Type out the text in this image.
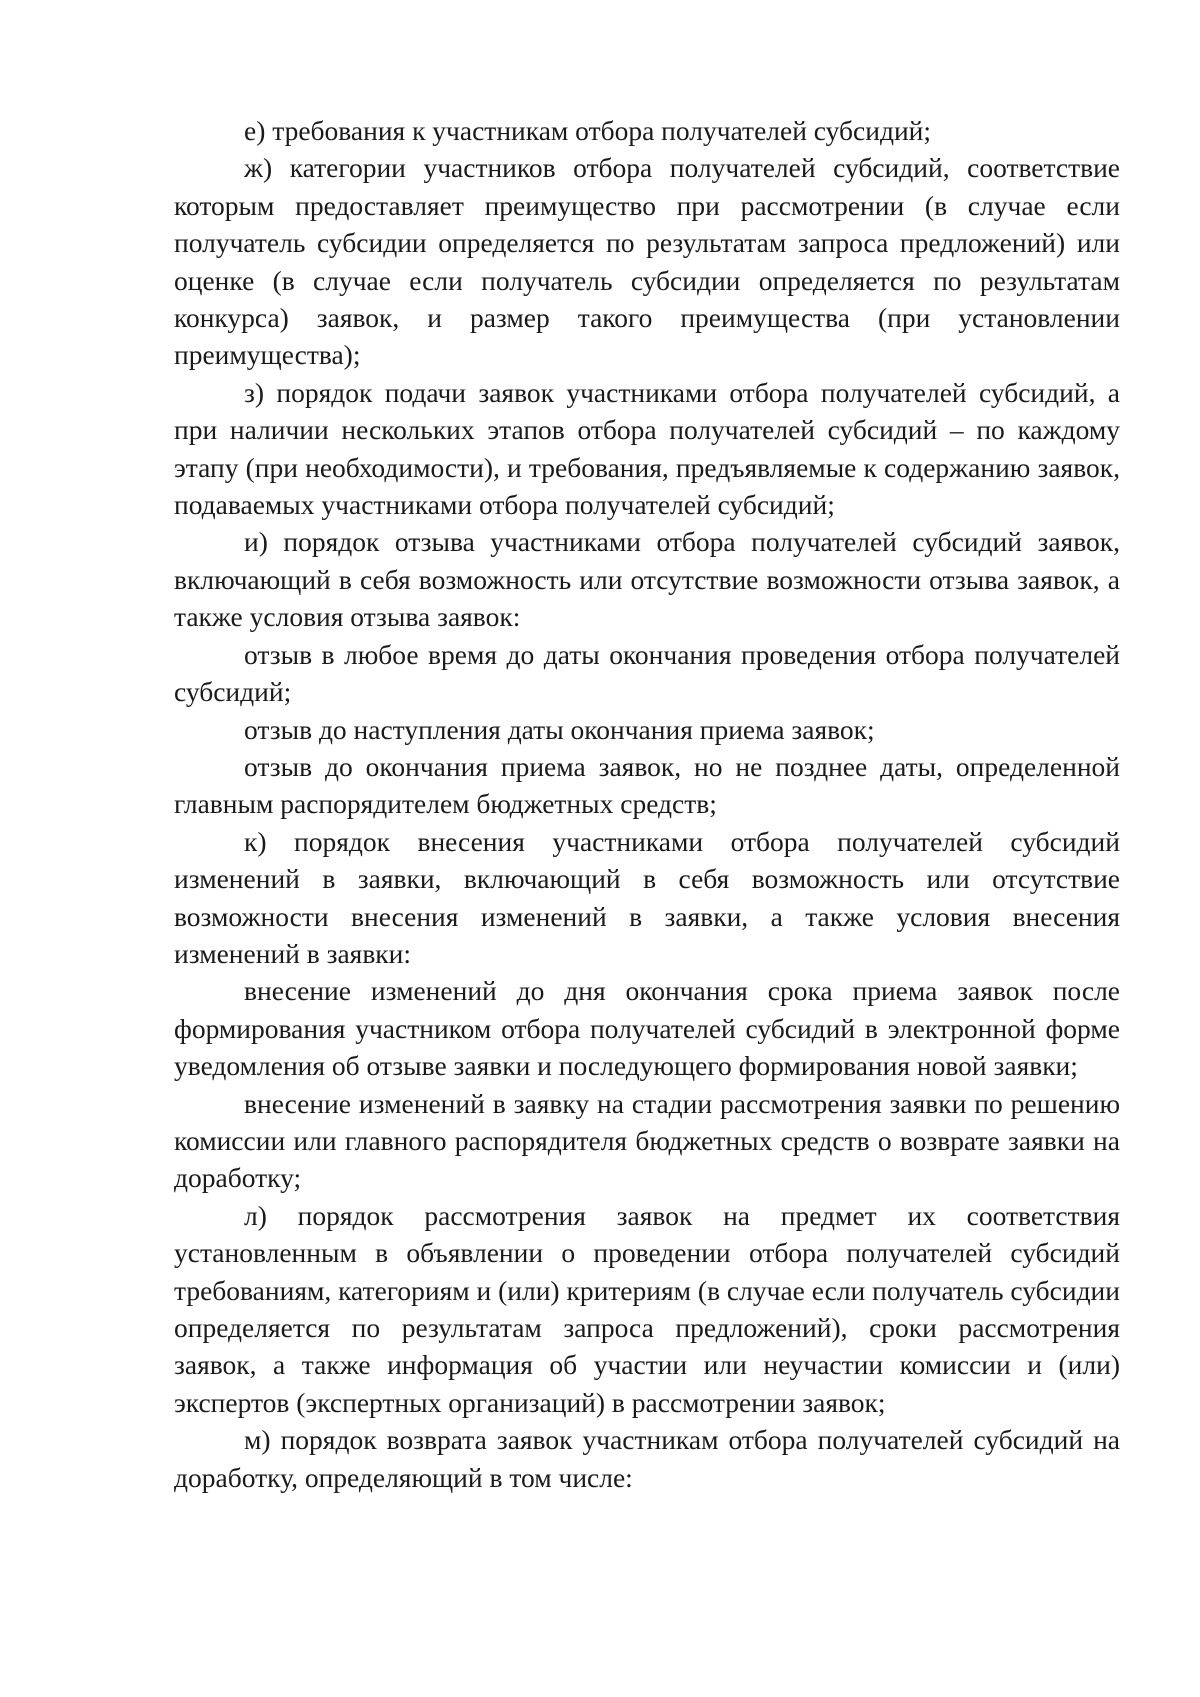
е) требования к участникам отбора получателей субсидий;

ж) категории участников отбора получателей субсидий, соответствие которым предоставляет преимущество при рассмотрении (в случае если получатель субсидии определяется по результатам запроса предложений) или оценке (в случае если получатель субсидии определяется по результатам конкурса) заявок, и размер такого преимущества (при установлении преимущества);

з) порядок подачи заявок участниками отбора получателей субсидий, а при наличии нескольких этапов отбора получателей субсидий – по каждому этапу (при необходимости), и требования, предъявляемые к содержанию заявок, подаваемых участниками отбора получателей субсидий;

и) порядок отзыва участниками отбора получателей субсидий заявок, включающий в себя возможность или отсутствие возможности отзыва заявок, а также условия отзыва заявок:

отзыв в любое время до даты окончания проведения отбора получателей субсидий;

отзыв до наступления даты окончания приема заявок;

отзыв до окончания приема заявок, но не позднее даты, определенной главным распорядителем бюджетных средств;

к) порядок внесения участниками отбора получателей субсидий изменений в заявки, включающий в себя возможность или отсутствие возможности внесения изменений в заявки, а также условия внесения изменений в заявки:

внесение изменений до дня окончания срока приема заявок после формирования участником отбора получателей субсидий в электронной форме уведомления об отзыве заявки и последующего формирования новой заявки;

внесение изменений в заявку на стадии рассмотрения заявки по решению комиссии или главного распорядителя бюджетных средств о возврате заявки на доработку;

л) порядок рассмотрения заявок на предмет их соответствия установленным в объявлении о проведении отбора получателей субсидий требованиям, категориям и (или) критериям (в случае если получатель субсидии определяется по результатам запроса предложений), сроки рассмотрения заявок, а также информация об участии или неучастии комиссии и (или) экспертов (экспертных организаций) в рассмотрении заявок;

м) порядок возврата заявок участникам отбора получателей субсидий на доработку, определяющий в том числе:
